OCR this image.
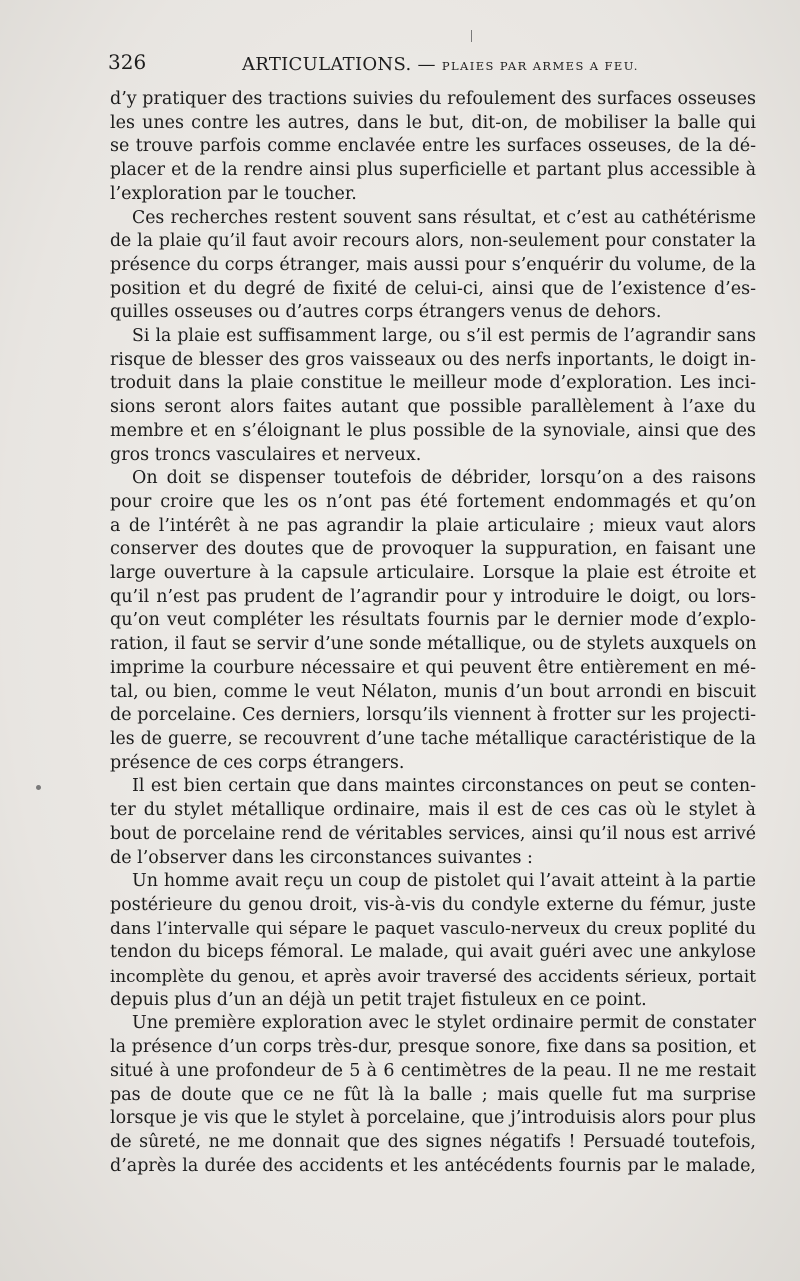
326	ARTICULATIONS. — PLAIES PAR ARMES A FEU.
d’y pratiquer des tractions suivies du refoulement des surfaces osseuses
les unes contre les autres, dans le but, dit-on, de mobiliser la balle qui
se trouve parfois comme enclavée entre les surfaces osseuses, de la dé-
placer et de la rendre ainsi plus superficielle et partant plus accessible à
l’exploration par le toucher.
Ces recherches restent souvent sans résultat, et c’est au cathétérisme
de la plaie qu’il faut avoir recours alors, non-seulement pour constater la
présence du corps étranger, mais aussi pour s’enquérir du volume, de la
position et du degré de fixité de celui-ci, ainsi que de l’existence d’es-
quilles osseuses ou d’autres corps étrangers venus de dehors.
Si la plaie est suffisamment large, ou s’il est permis de l’agrandir sans
risque de blesser des gros vaisseaux ou des nerfs inportants, le doigt in-
troduit dans la plaie constitue le meilleur mode d’exploration. Les inci-
sions seront alors faites autant que possible parallèlement à l’axe du
membre et en s’éloignant le plus possible de la synoviale, ainsi que des
gros troncs vasculaires et nerveux.
On doit se dispenser toutefois de débrider, lorsqu’on a des raisons
pour croire que les os n’ont pas été fortement endommagés et qu’on
a de l’intérêt à ne pas agrandir la plaie articulaire ; mieux vaut alors
conserver des doutes que de provoquer la suppuration, en faisant une
large ouverture à la capsule articulaire. Lorsque la plaie est étroite et
qu’il n’est pas prudent de l’agrandir pour y introduire le doigt, ou lors-
qu’on veut compléter les résultats fournis par le dernier mode d’explo-
ration, il faut se servir d’une sonde métallique, ou de stylets auxquels on
imprime la courbure nécessaire et qui peuvent être entièrement en mé-
tal, ou bien, comme le veut Nélaton, munis d’un bout arrondi en biscuit
de porcelaine. Ces derniers, lorsqu’ils viennent à frotter sur les projecti-
les de guerre, se recouvrent d’une tache métallique caractéristique de la
présence de ces corps étrangers.
Il est bien certain que dans maintes circonstances on peut se conten-
ter du stylet métallique ordinaire, mais il est de ces cas où le stylet à
bout de porcelaine rend de véritables services, ainsi qu’il nous est arrivé
de l’observer dans les circonstances suivantes :
Un homme avait reçu un coup de pistolet qui l’avait atteint à la partie
postérieure du genou droit, vis-à-vis du condyle externe du fémur, juste
dans l’intervalle qui sépare le paquet vasculo-nerveux du creux poplité du
tendon du biceps fémoral. Le malade, qui avait guéri avec une ankylose
incomplète du genou, et après avoir traversé des accidents sérieux, portait
depuis plus d’un an déjà un petit trajet fistuleux en ce point.
Une première exploration avec le stylet ordinaire permit de constater
la présence d’un corps très-dur, presque sonore, fixe dans sa position, et
situé à une profondeur de 5 à 6 centimètres de la peau. Il ne me restait
pas de doute que ce ne fût là la balle ; mais quelle fut ma surprise
lorsque je vis que le stylet à porcelaine, que j’introduisis alors pour plus
de sûreté, ne me donnait que des signes négatifs ! Persuadé toutefois,
d’après la durée des accidents et les antécédents fournis par le malade,
